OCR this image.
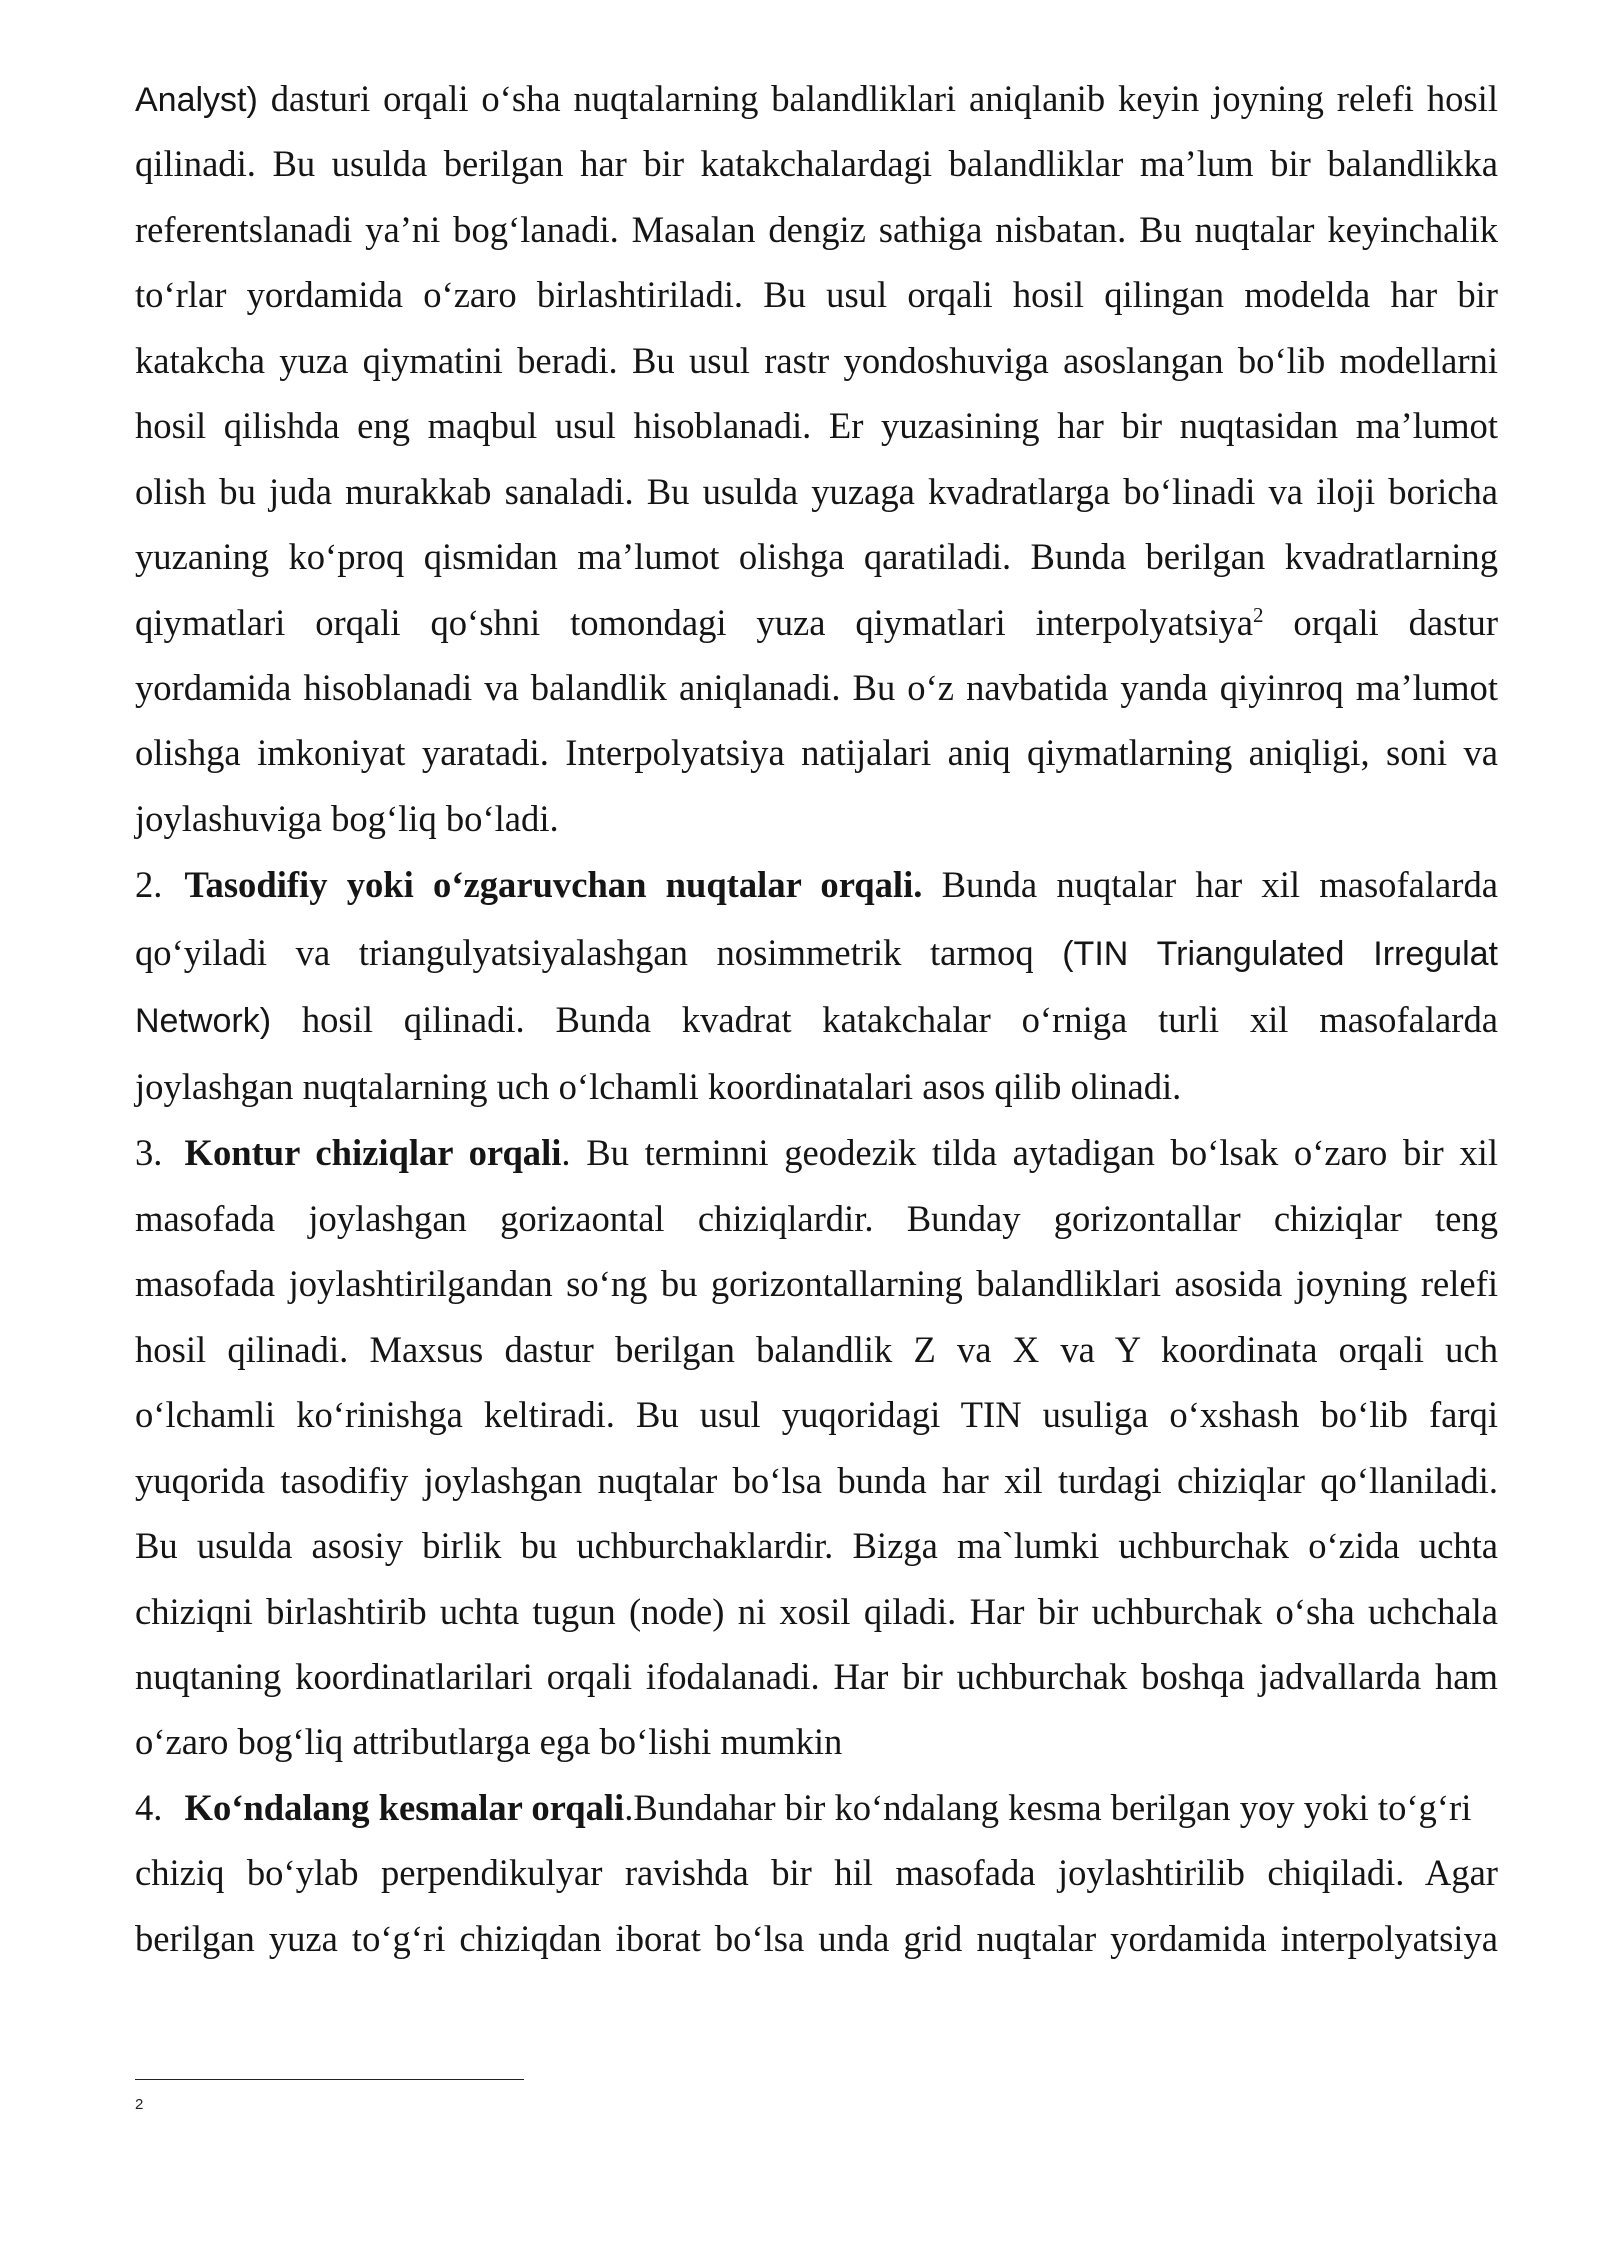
Analyst) dasturi orqali o‘sha nuqtalarning balandliklari aniqlanib keyin joyning relefi hosil
qilinadi. Bu usulda berilgan har bir katakchalardagi balandliklar ma’lum bir balandlikka
referentslanadi ya’ni bog‘lanadi. Masalan dengiz sathiga nisbatan. Bu nuqtalar keyinchalik
to‘rlar yordamida o‘zaro birlashtiriladi. Bu usul orqali hosil qilingan modelda har bir
katakcha yuza qiymatini beradi. Bu usul rastr yondoshuviga asoslangan bo‘lib modellarni
hosil qilishda eng maqbul usul hisoblanadi. Er yuzasining har bir nuqtasidan ma’lumot
olish bu juda murakkab sanaladi. Bu usulda yuzaga kvadratlarga bo‘linadi va iloji boricha
yuzaning ko‘proq qismidan ma’lumot olishga qaratiladi. Bunda berilgan kvadratlarning
qiymatlari orqali qo‘shni tomondagi yuza qiymatlari interpolyatsiya$^2$ orqali dastur
yordamida hisoblanadi va balandlik aniqlanadi. Bu o‘z navbatida yanda qiyinroq ma’lumot
olishga imkoniyat yaratadi. Interpolyatsiya natijalari aniq qiymatlarning aniqligi, soni va
joylashuviga bog‘liq bo‘ladi.
2. Tasodifiy yoki o‘zgaruvchan nuqtalar orqali. Bunda nuqtalar har xil masofalarda
qo‘yiladi va triangulyatsiyalashgan nosimmetrik tarmoq (TIN Triangulated Irregulat
Network) hosil qilinadi. Bunda kvadrat katakchalar o‘rniga turli xil masofalarda
joylashgan nuqtalarning uch o‘lchamli koordinatalari asos qilib olinadi.
3. Kontur chiziqlar orqali. Bu terminni geodezik tilda aytadigan bo‘lsak o‘zaro bir xil
masofada joylashgan gorizaontal chiziqlardir. Bunday gorizontallar chiziqlar teng
masofada joylashtirilgandan so‘ng bu gorizontallarning balandliklari asosida joyning relefi
hosil qilinadi. Maxsus dastur berilgan balandlik Z va X va Y koordinata orqali uch
o‘lchamli ko‘rinishga keltiradi. Bu usul yuqoridagi TIN usuliga o‘xshash bo‘lib farqi
yuqorida tasodifiy joylashgan nuqtalar bo‘lsa bunda har xil turdagi chiziqlar qo‘llaniladi.
Bu usulda asosiy birlik bu uchburchaklardir. Bizga ma`lumki uchburchak o‘zida uchta
chiziqni birlashtirib uchta tugun (node) ni xosil qiladi. Har bir uchburchak o‘sha uchchala
nuqtaning koordinatlarilari orqali ifodalanadi. Har bir uchburchak boshqa jadvallarda ham
o‘zaro bog‘liq attributlarga ega bo‘lishi mumkin
4. Ko‘ndalang kesmalar orqali.Bundahar bir ko‘ndalang kesma berilgan yoy yoki to‘g‘ri
chiziq bo‘ylab perpendikulyar ravishda bir hil masofada joylashtirilib chiqiladi. Agar
berilgan yuza to‘g‘ri chiziqdan iborat bo‘lsa unda grid nuqtalar yordamida interpolyatsiya
2
